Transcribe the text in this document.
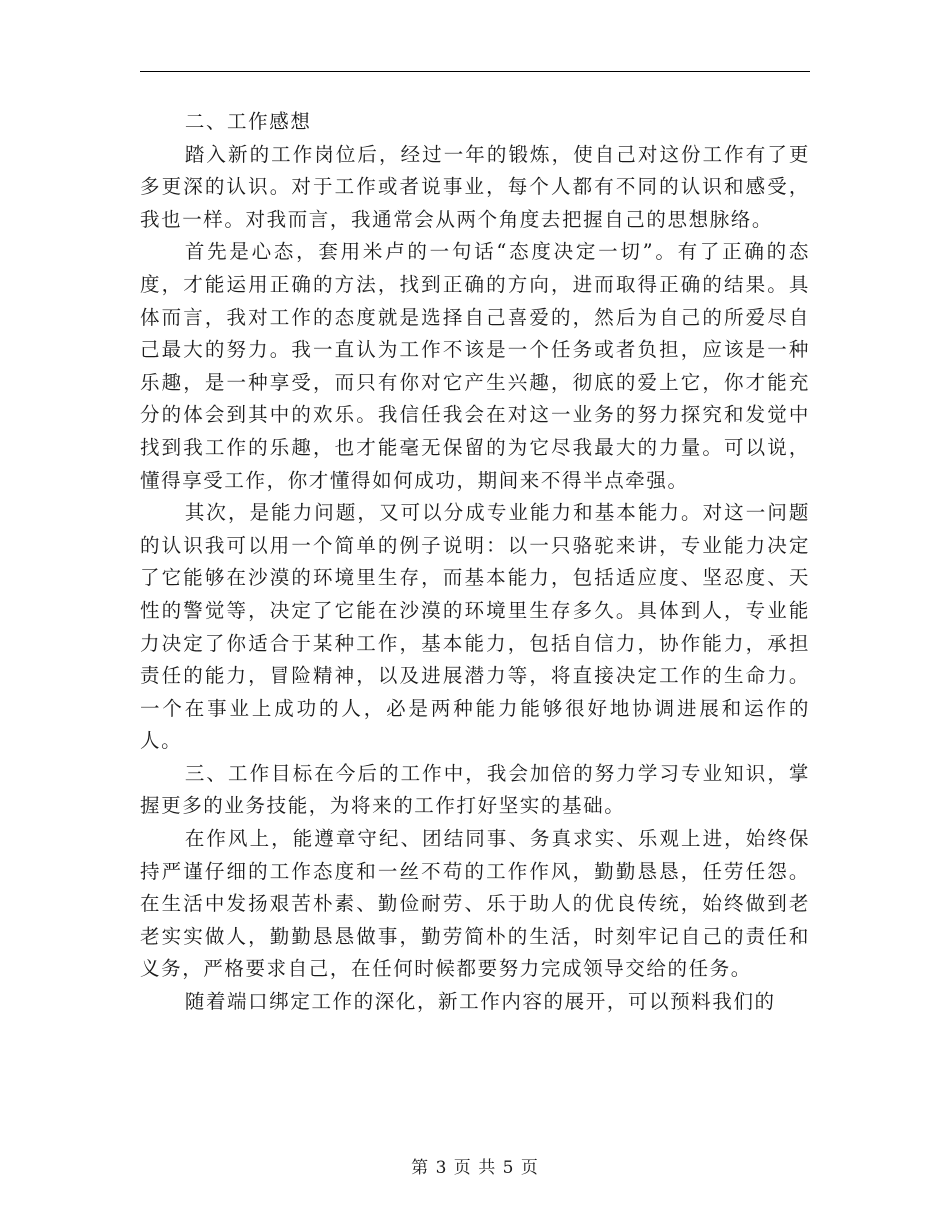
二、工作感想

踏入新的工作岗位后，经过一年的锻炼，使自己对这份工作有了更多更深的认识。对于工作或者说事业，每个人都有不同的认识和感受，我也一样。对我而言，我通常会从两个角度去把握自己的思想脉络。

首先是心态，套用米卢的一句话“态度决定一切”。有了正确的态度，才能运用正确的方法，找到正确的方向，进而取得正确的结果。具体而言，我对工作的态度就是选择自己喜爱的，然后为自己的所爱尽自己最大的努力。我一直认为工作不该是一个任务或者负担，应该是一种乐趣，是一种享受，而只有你对它产生兴趣，彻底的爱上它，你才能充分的体会到其中的欢乐。我信任我会在对这一业务的努力探究和发觉中找到我工作的乐趣，也才能毫无保留的为它尽我最大的力量。可以说，懂得享受工作，你才懂得如何成功，期间来不得半点牵强。

其次，是能力问题，又可以分成专业能力和基本能力。对这一问题的认识我可以用一个简单的例子说明：以一只骆驼来讲，专业能力决定了它能够在沙漠的环境里生存，而基本能力，包括适应度、坚忍度、天性的警觉等，决定了它能在沙漠的环境里生存多久。具体到人，专业能力决定了你适合于某种工作，基本能力，包括自信力，协作能力，承担责任的能力，冒险精神，以及进展潜力等，将直接决定工作的生命力。一个在事业上成功的人，必是两种能力能够很好地协调进展和运作的人。

三、工作目标在今后的工作中，我会加倍的努力学习专业知识，掌握更多的业务技能，为将来的工作打好坚实的基础。

在作风上，能遵章守纪、团结同事、务真求实、乐观上进，始终保持严谨仔细的工作态度和一丝不苟的工作作风，勤勤恳恳，任劳任怨。在生活中发扬艰苦朴素、勤俭耐劳、乐于助人的优良传统，始终做到老老实实做人，勤勤恳恳做事，勤劳简朴的生活，时刻牢记自己的责任和义务，严格要求自己，在任何时候都要努力完成领导交给的任务。

随着端口绑定工作的深化，新工作内容的展开，可以预料我们的

第 3 页 共 5 页
